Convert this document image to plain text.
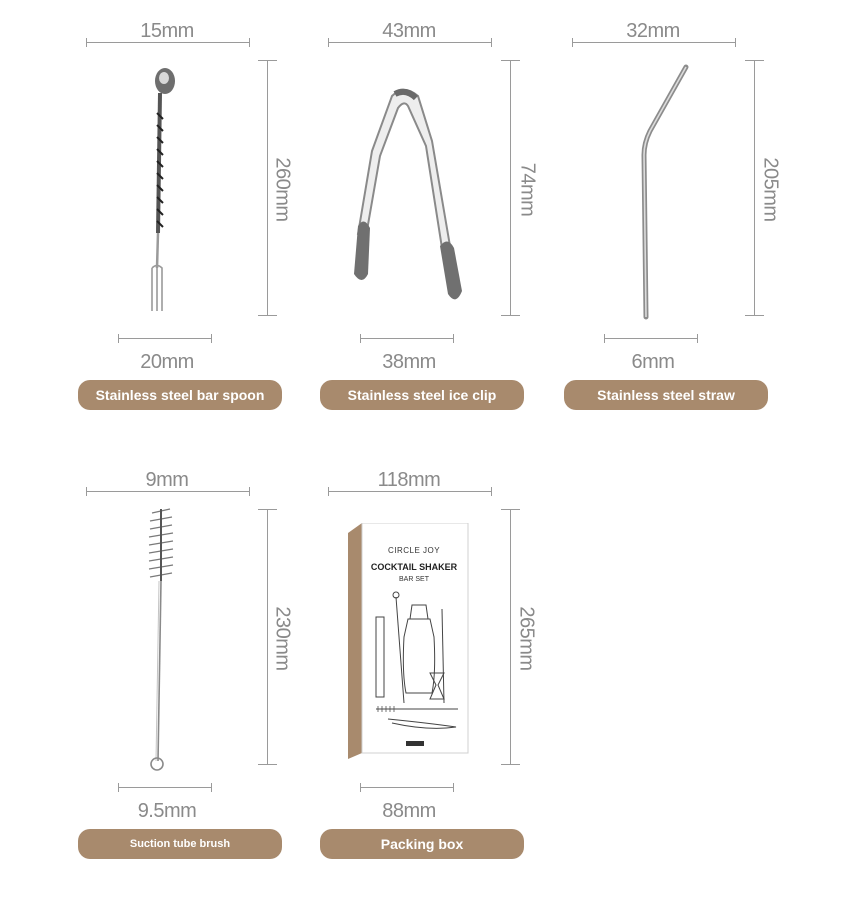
15mm
260mm
20mm
Stainless steel bar spoon
43mm
74mm
38mm
Stainless steel ice clip
32mm
205mm
6mm
Stainless steel straw
9mm
230mm
9.5mm
Suction tube brush
118mm
265mm
88mm
CIRCLE JOY
COCKTAIL SHAKER
BAR SET
Packing box
